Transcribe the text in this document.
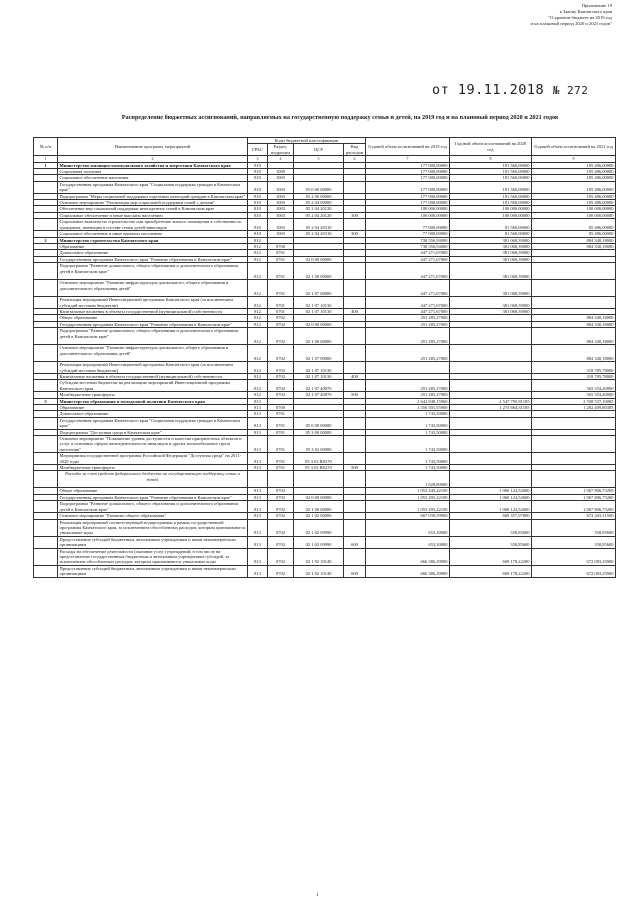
Приложение 19
к Закону Камчатского края
"О краевом бюджете на 2019 год
и на плановый период 2020 и 2021 годов"
от 19.11.2018 № 272
Распределение бюджетных ассигнований, направляемых на государственную поддержку семьи и детей, на 2019 год и на плановый период 2020 и 2021 годов
№ п/п	Наименование программ, мероприятий	Коды бюджетной классификации				Годовой объем ассигнований на 2019 год	Годовой объем ассигнований на 2020 год	Годовой объем ассигнований на 2021 год
		ГРБС	Раздел, подраздел	ЦСР	Вид расходов			
1	2	3	4	5	6	7	8	9
1	Министерство жилищно-коммунального хозяйства и энергетики Камчатского края	810				177 000,00000	181 560,00000	185 486,00000
	Социальная политика	810	1000			177 000,00000	181 560,00000	185 486,00000
	Социальное обеспечение населения	810	1003			177 000,00000	181 560,00000	185 486,00000
	Государственная программа Камчатского края "Социальная поддержка граждан в Камчатском крае"	810	1003	05 0 00 00000		177 000,00000	181 560,00000	185 486,00000
	Подпрограмма "Меры социальной поддержки отдельных категорий граждан в Камчатском крае"	810	1003	05 2 00 00000		177 000,00000	181 560,00000	185 486,00000
	Основное мероприятие "Реализация мер социальной поддержки семей с детьми"	810	1003	05 2 04 00000		177 000,00000	181 560,00000	185 486,00000
	Обеспечение мер социальной поддержки многодетных семей в Камчатском крае	810	1003	05 2 04 20120		100 000,00000	100 000,00000	100 000,00000
	Социальные обеспечение и иные выплаты населению	810	1003	05 2 04 20120	300	100 000,00000	100 000,00000	100 000,00000
	Социальные выплаты на строительство или приобретение жилого помещения в собственность гражданам, имеющим в составе семьи детей-инвалидов	810	1003	05 2 04 20310		77 000,00000	81 560,00000	85 486,00000
	Социальное обеспечение и иные выплаты населению	810	1003	05 2 04 20310	300	77 000,00000	81 560,00000	85 486,00000
2	Министерство строительства Камчатского края	812				738 556,94000	381 068,39000	884 340,18000
	Образование	812	0700			738 556,94000	381 068,39000	884 340,18000
	Дошкольное образование	812	0701			447 271,67000	381 068,39000	
	Государственная программа Камчатского края "Развитие образования в Камчатском крае"	812	0701	02 0 00 00000		447 271,67000	381 068,39000	
	Подпрограмма "Развитие дошкольного, общего образования и дополнительного образования детей в Камчатском крае"	812	0701	02 1 00 00000		447 271,67000	381 068,39000	
	Основное мероприятие "Развитие инфраструктуры дошкольного, общего образования и дополнительного образования детей"	812	0701	02 1 07 00000		447 271,67000	381 068,39000	
	Реализация мероприятий Инвестиционной программы Камчатского края (за исключением субсидий местным бюджетам)	812	0701	02 1 07 10130		447 271,67000	381 068,39000	
	Капитальные вложения в объекты государственной (муниципальной) собственности	812	0701	02 1 07 10130	400	447 271,67000	381 068,39000	
	Общее образование	812	0702			291 285,27000		884 340,18000
	Государственная программа Камчатского края "Развитие образования в Камчатском крае"	812	0702	02 0 00 00000		291 285,27000		884 340,18000
	Подпрограмма "Развитие дошкольного, общего образования и дополнительного образования детей в Камчатском крае"	812	0702	02 1 00 00000		291 285,27000		884 340,18000
	Основное мероприятие "Развитие инфраструктуры дошкольного, общего образования и дополнительного образования детей"	812	0702	02 1 07 00000		291 285,27000		884 340,18000
	Реализация мероприятий Инвестиционной программы Камчатского края (за исключением субсидий местным бюджетам)	812	0702	02 1 07 10130				318 785,78000
	Капитальные вложения в объекты государственной (муниципальной) собственности	812	0702	02 1 07 10130	400			318 785,78000
	Субсидии местным бюджетам на реализацию мероприятий Инвестиционной программы Камчатского края	812	0702	02 1 07 40070		291 285,27000		565 554,40000
	Межбюджетные трансферты	812	0702	02 1 07 40070	500	291 285,27000		565 554,40000
3	Министерство образования и молодежной политики Камчатского края	813				2 642 848,15960	2 547 795,81185	2 558 537,10085
	Образование	813	0700			1 356 501,55900	1 274 664,31185	1 282 409,80385
	Дошкольное образование	813	0701			1 743,50000		
	Государственная программа Камчатского края "Социальная поддержка граждан в Камчатском крае"	813	0701	05 0 00 00000		1 743,50000		
	Подпрограмма "Доступная среда в Камчатском крае"	813	0701	05 3 00 00000		1 743,50000		
	Основное мероприятие "Повышение уровня доступности и качества приоритетных объектов и услуг в основных сферах жизнедеятельности инвалидов и других маломобильных групп населения"	813	0701	05 3 02 00000		1 743,50000		
	Мероприятия государственной программы Российской Федерации "Доступная среда" на 2011-2020 годы	813	0701	05 3 02 R0270		1 743,50000		
	Межбюджетные трансферты	813	0701	05 3 02 R0270	500	1 743,50000		
	Расходы за счет средств федерального бюджета на государственную поддержку семьи и детей					1 628,80000		
	Общее образование	813	0702			1 053 445,22100	1 060 124,52600	1 067 806,75200
	Государственная программа Камчатского края "Развитие образования в Камчатском крае"	813	0702	02 0 00 00000		1 053 295,22100	1 060 124,52600	1 067 806,75200
	Подпрограмма "Развитие дошкольного, общего образования и дополнительного образования детей в Камчатском крае"	813	0702	02 1 00 00000		1 053 295,22100	1 060 124,52600	1 067 806,75200
	Основное мероприятие "Развитие общего образования"	813	0702	02 1 02 00000		667 039,59900	669 357,07800	672 443,11500
	Реализация мероприятий соответствующей подпрограммы в рамках государственной программы Камчатского края, за исключением обособленных расходов, которым присваиваются уникальные коды	813	0702	02 1 02 09990		653,30000	358,85600	358,85600
	Предоставление субсидий бюджетным, автономным учреждениям и иным некоммерческим организациям	813	0702	02 1 02 09990	600	653,30000	358,85600	358,85600
	Расходы на обеспечение деятельности (оказание услуг) учреждений, в том числе на предоставление государственным бюджетным и автономным учреждениям субсидий, за исключением обособленных расходов, которым присваиваются уникальные коды	813	0702	02 1 02 10140		666 386,29900	669 178,22200	672 083,25900
	Предоставление субсидий бюджетным, автономным учреждениям и иным некоммерческим организациям	813	0702	02 1 02 10140	600	666 386,29900	669 178,22200	672 083,25900
1
